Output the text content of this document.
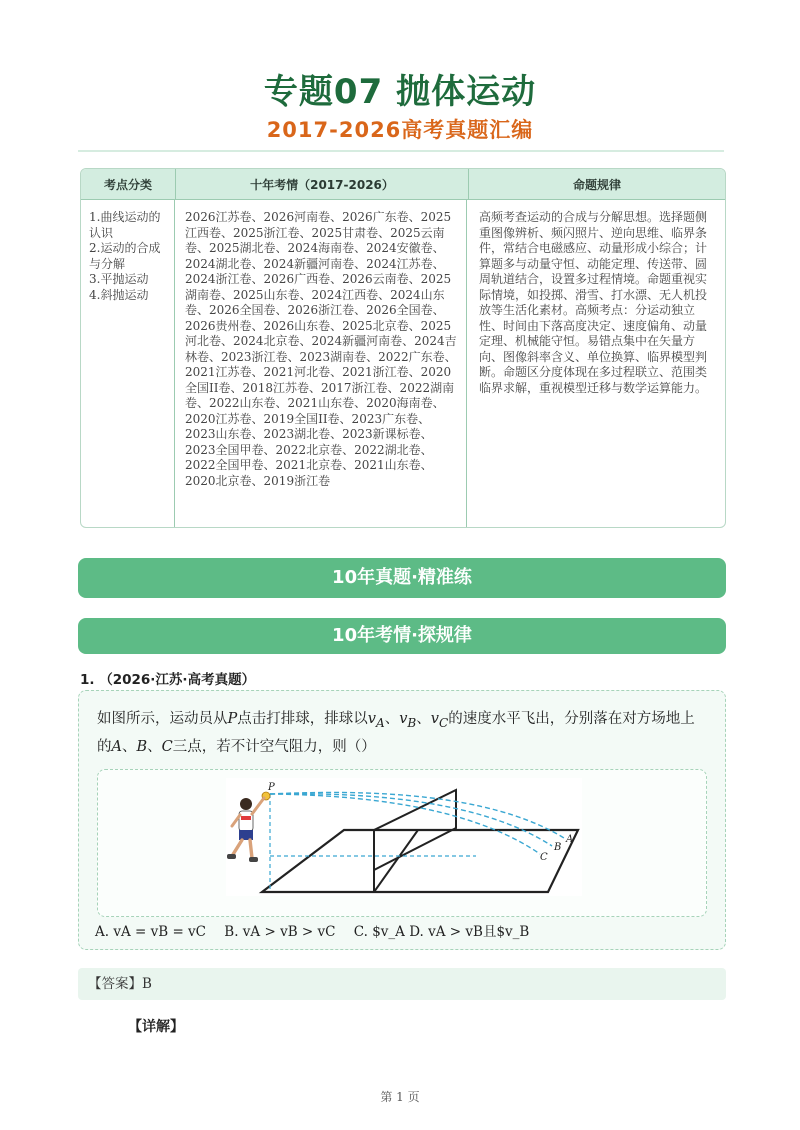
专题07 抛体运动
2017-2026高考真题汇编
考点分类	十年考情（2017-2026）	命题规律
1.曲线运动的认识
2.运动的合成与分解
3.平抛运动
4.斜抛运动
2026江苏卷、2026河南卷、2026广东卷、2025江西卷、2025浙江卷、2025甘肃卷、2025云南卷、2025湖北卷、2024海南卷、2024安徽卷、2024湖北卷、2024新疆河南卷、2024江苏卷、2024浙江卷、2026广西卷、2026云南卷、2025湖南卷、2025山东卷、2024江西卷、2024山东卷、2026全国卷、2026浙江卷、2026全国卷、2026贵州卷、2026山东卷、2025北京卷、2025河北卷、2024北京卷、2024新疆河南卷、2024吉林卷、2023浙江卷、2023湖南卷、2022广东卷、2021江苏卷、2021河北卷、2021浙江卷、2020全国II卷、2018江苏卷、2017浙江卷、2022湖南卷、2022山东卷、2021山东卷、2020海南卷、2020江苏卷、2019全国II卷、2023广东卷、2023山东卷、2023湖北卷、2023新课标卷、2023全国甲卷、2022北京卷、2022湖北卷、2022全国甲卷、2021北京卷、2021山东卷、2020北京卷、2019浙江卷
高频考查运动的合成与分解思想。选择题侧重图像辨析、频闪照片、逆向思维、临界条件，常结合电磁感应、动量形成小综合；计算题多与动量守恒、动能定理、传送带、圆周轨道结合，设置多过程情境。命题重视实际情境，如投掷、滑雪、打水漂、无人机投放等生活化素材。高频考点：分运动独立性、时间由下落高度决定、速度偏角、动量定理、机械能守恒。易错点集中在矢量方向、图像斜率含义、单位换算、临界模型判断。命题区分度体现在多过程联立、范围类临界求解，重视模型迁移与数学运算能力。
10年真题·精准练
10年考情·探规律
1. （2026·江苏·高考真题）
如图所示，运动员从P点击打排球，排球以$v_A$、$v_B$、$v_C$的速度水平飞出，分别落在对方场地上的A、B、C三点，若不计空气阻力，则（）
P
A
B
C
A. vA = vB = vC B. vA > vB > vC C. $v_A D. vA > vB且$v_B
【答案】B
【详解】
第 1 页
